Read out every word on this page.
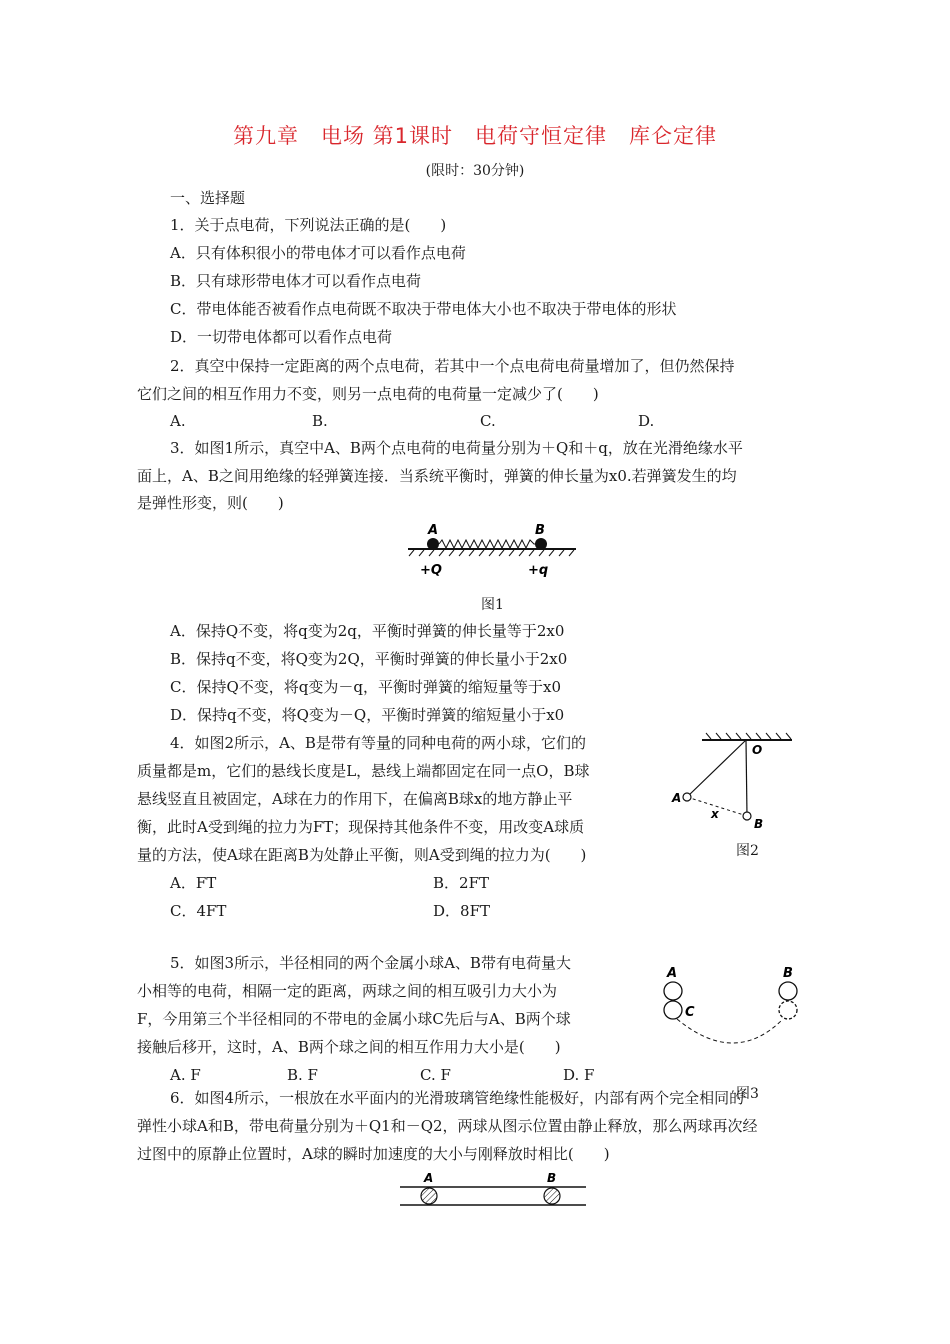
第九章　电场 第1课时　电荷守恒定律　库仑定律
(限时：30分钟)
一、选择题
1．关于点电荷，下列说法正确的是(　　)
A．只有体积很小的带电体才可以看作点电荷
B．只有球形带电体才可以看作点电荷
C．带电体能否被看作点电荷既不取决于带电体大小也不取决于带电体的形状
D．一切带电体都可以看作点电荷
2．真空中保持一定距离的两个点电荷，若其中一个点电荷电荷量增加了，但仍然保持
它们之间的相互作用力不变，则另一点电荷的电荷量一定减少了(　　)
A.	B.	C.	D.
3．如图1所示，真空中A、B两个点电荷的电荷量分别为＋Q和＋q，放在光滑绝缘水平
面上，A、B之间用绝缘的轻弹簧连接．当系统平衡时，弹簧的伸长量为x0.若弹簧发生的均
是弹性形变，则(　　)
A	B
+Q	+q
图1
A．保持Q不变，将q变为2q，平衡时弹簧的伸长量等于2x0
B．保持q不变，将Q变为2Q，平衡时弹簧的伸长量小于2x0
C．保持Q不变，将q变为－q，平衡时弹簧的缩短量等于x0
D．保持q不变，将Q变为－Q，平衡时弹簧的缩短量小于x0
4．如图2所示，A、B是带有等量的同种电荷的两小球，它们的
质量都是m，它们的悬线长度是L，悬线上端都固定在同一点O，B球
悬线竖直且被固定，A球在力的作用下，在偏离B球x的地方静止平
衡，此时A受到绳的拉力为FT；现保持其他条件不变，用改变A球质
量的方法，使A球在距离B为处静止平衡，则A受到绳的拉力为(　　)
A．FT	B．2FT
C．4FT	D．8FT
O
A
B
x
图2
5．如图3所示，半径相同的两个金属小球A、B带有电荷量大
小相等的电荷，相隔一定的距离，两球之间的相互吸引力大小为
F，今用第三个半径相同的不带电的金属小球C先后与A、B两个球
接触后移开，这时，A、B两个球之间的相互作用力大小是(　　)
A. F	B. F	C. F	D. F
A	B
C
图3
6．如图4所示，一根放在水平面内的光滑玻璃管绝缘性能极好，内部有两个完全相同的
弹性小球A和B，带电荷量分别为＋Q1和－Q2，两球从图示位置由静止释放，那么两球再次经
过图中的原静止位置时，A球的瞬时加速度的大小与刚释放时相比(　　)
A	B
